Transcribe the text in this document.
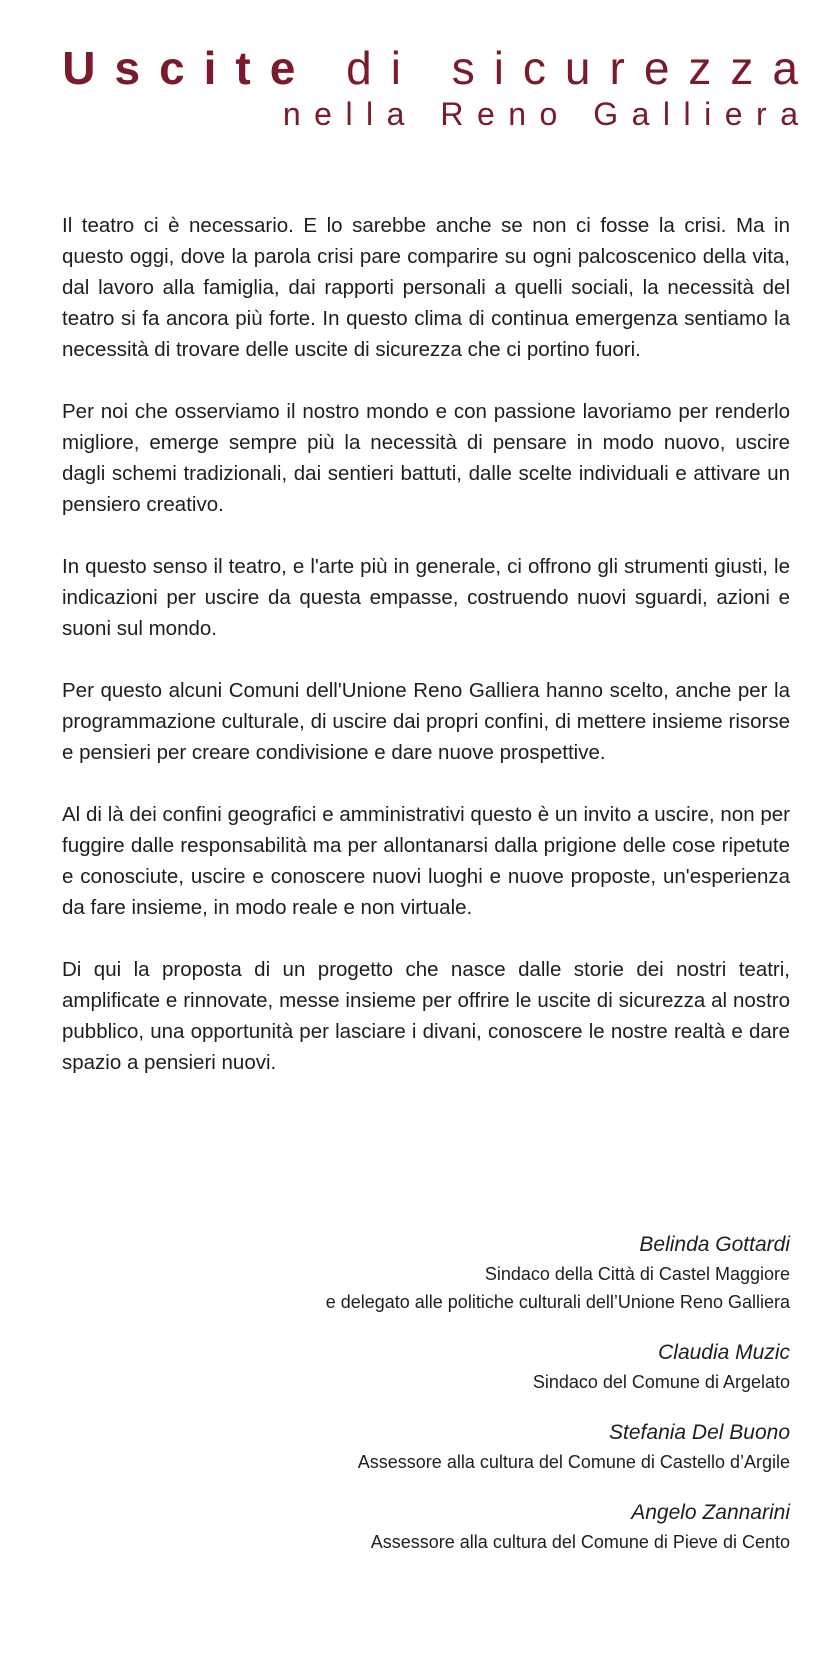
Uscite di sicurezza
nella Reno Galliera

Il teatro ci è necessario. E lo sarebbe anche se non ci fosse la crisi. Ma in questo oggi, dove la parola crisi pare comparire su ogni palcoscenico della vita, dal lavoro alla famiglia, dai rapporti personali a quelli sociali, la necessità del teatro si fa ancora più forte. In questo clima di continua emergenza sentiamo la necessità di trovare delle uscite di sicurezza che ci portino fuori.

Per noi che osserviamo il nostro mondo e con passione lavoriamo per renderlo migliore, emerge sempre più la necessità di pensare in modo nuovo, uscire dagli schemi tradizionali, dai sentieri battuti, dalle scelte individuali e attivare un pensiero creativo.

In questo senso il teatro, e l'arte più in generale, ci offrono gli strumenti giusti, le indicazioni per uscire da questa empasse, costruendo nuovi sguardi, azioni e suoni sul mondo.

Per questo alcuni Comuni dell'Unione Reno Galliera hanno scelto, anche per la programmazione culturale, di uscire dai propri confini, di mettere insieme risorse e pensieri per creare condivisione e dare nuove prospettive.

Al di là dei confini geografici e amministrativi questo è un invito a uscire, non per fuggire dalle responsabilità ma per allontanarsi dalla prigione delle cose ripetute e conosciute, uscire e conoscere nuovi luoghi e nuove proposte, un'esperienza da fare insieme, in modo reale e non virtuale.

Di qui la proposta di un progetto che nasce dalle storie dei nostri teatri, amplificate e rinnovate, messe insieme per offrire le uscite di sicurezza al nostro pubblico, una opportunità per lasciare i divani, conoscere le nostre realtà e dare spazio a pensieri nuovi.

Belinda Gottardi
Sindaco della Città di Castel Maggiore
e delegato alle politiche culturali dell’Unione Reno Galliera
Claudia Muzic
Sindaco del Comune di Argelato
Stefania Del Buono
Assessore alla cultura del Comune di Castello d’Argile
Angelo Zannarini
Assessore alla cultura del Comune di Pieve di Cento
